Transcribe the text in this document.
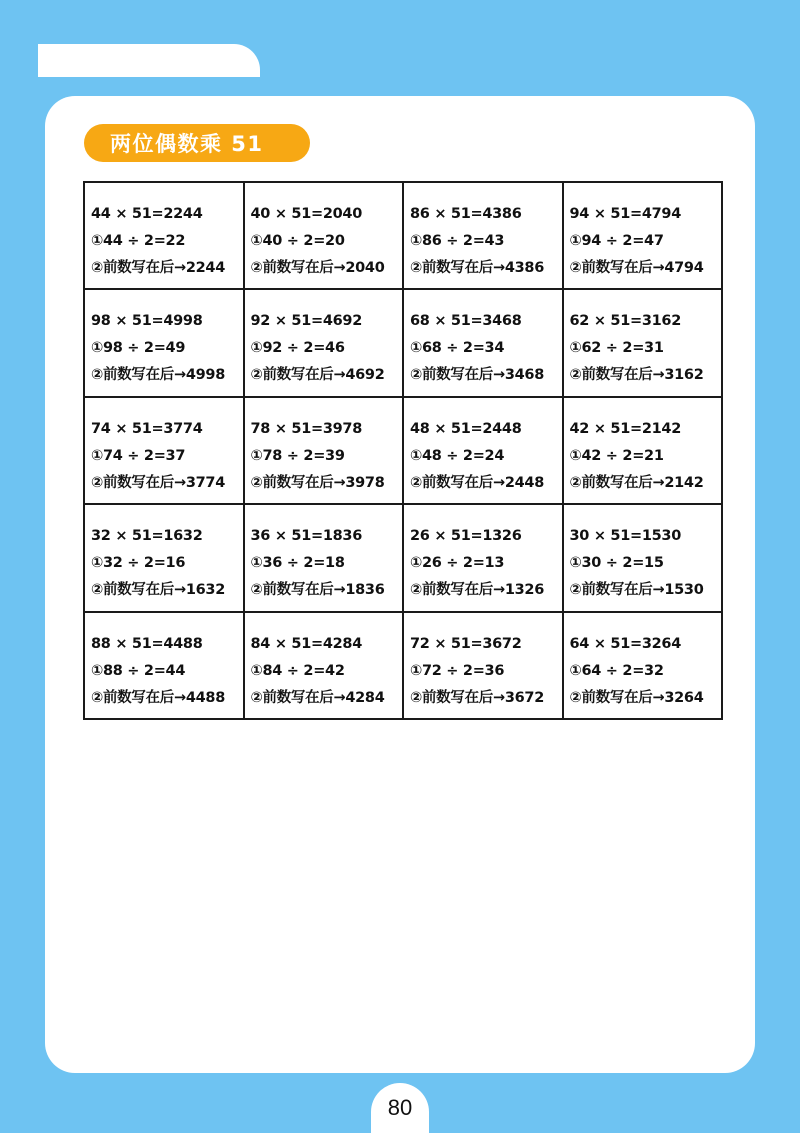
两位偶数乘 51
44 × 51=2244
①44 ÷ 2=22
②前数写在后→2244	40 × 51=2040
①40 ÷ 2=20
②前数写在后→2040	86 × 51=4386
①86 ÷ 2=43
②前数写在后→4386	94 × 51=4794
①94 ÷ 2=47
②前数写在后→4794

98 × 51=4998
①98 ÷ 2=49
②前数写在后→4998	92 × 51=4692
①92 ÷ 2=46
②前数写在后→4692	68 × 51=3468
①68 ÷ 2=34
②前数写在后→3468	62 × 51=3162
①62 ÷ 2=31
②前数写在后→3162

74 × 51=3774
①74 ÷ 2=37
②前数写在后→3774	78 × 51=3978
①78 ÷ 2=39
②前数写在后→3978	48 × 51=2448
①48 ÷ 2=24
②前数写在后→2448	42 × 51=2142
①42 ÷ 2=21
②前数写在后→2142

32 × 51=1632
①32 ÷ 2=16
②前数写在后→1632	36 × 51=1836
①36 ÷ 2=18
②前数写在后→1836	26 × 51=1326
①26 ÷ 2=13
②前数写在后→1326	30 × 51=1530
①30 ÷ 2=15
②前数写在后→1530

88 × 51=4488
①88 ÷ 2=44
②前数写在后→4488	84 × 51=4284
①84 ÷ 2=42
②前数写在后→4284	72 × 51=3672
①72 ÷ 2=36
②前数写在后→3672	64 × 51=3264
①64 ÷ 2=32
②前数写在后→3264
80
